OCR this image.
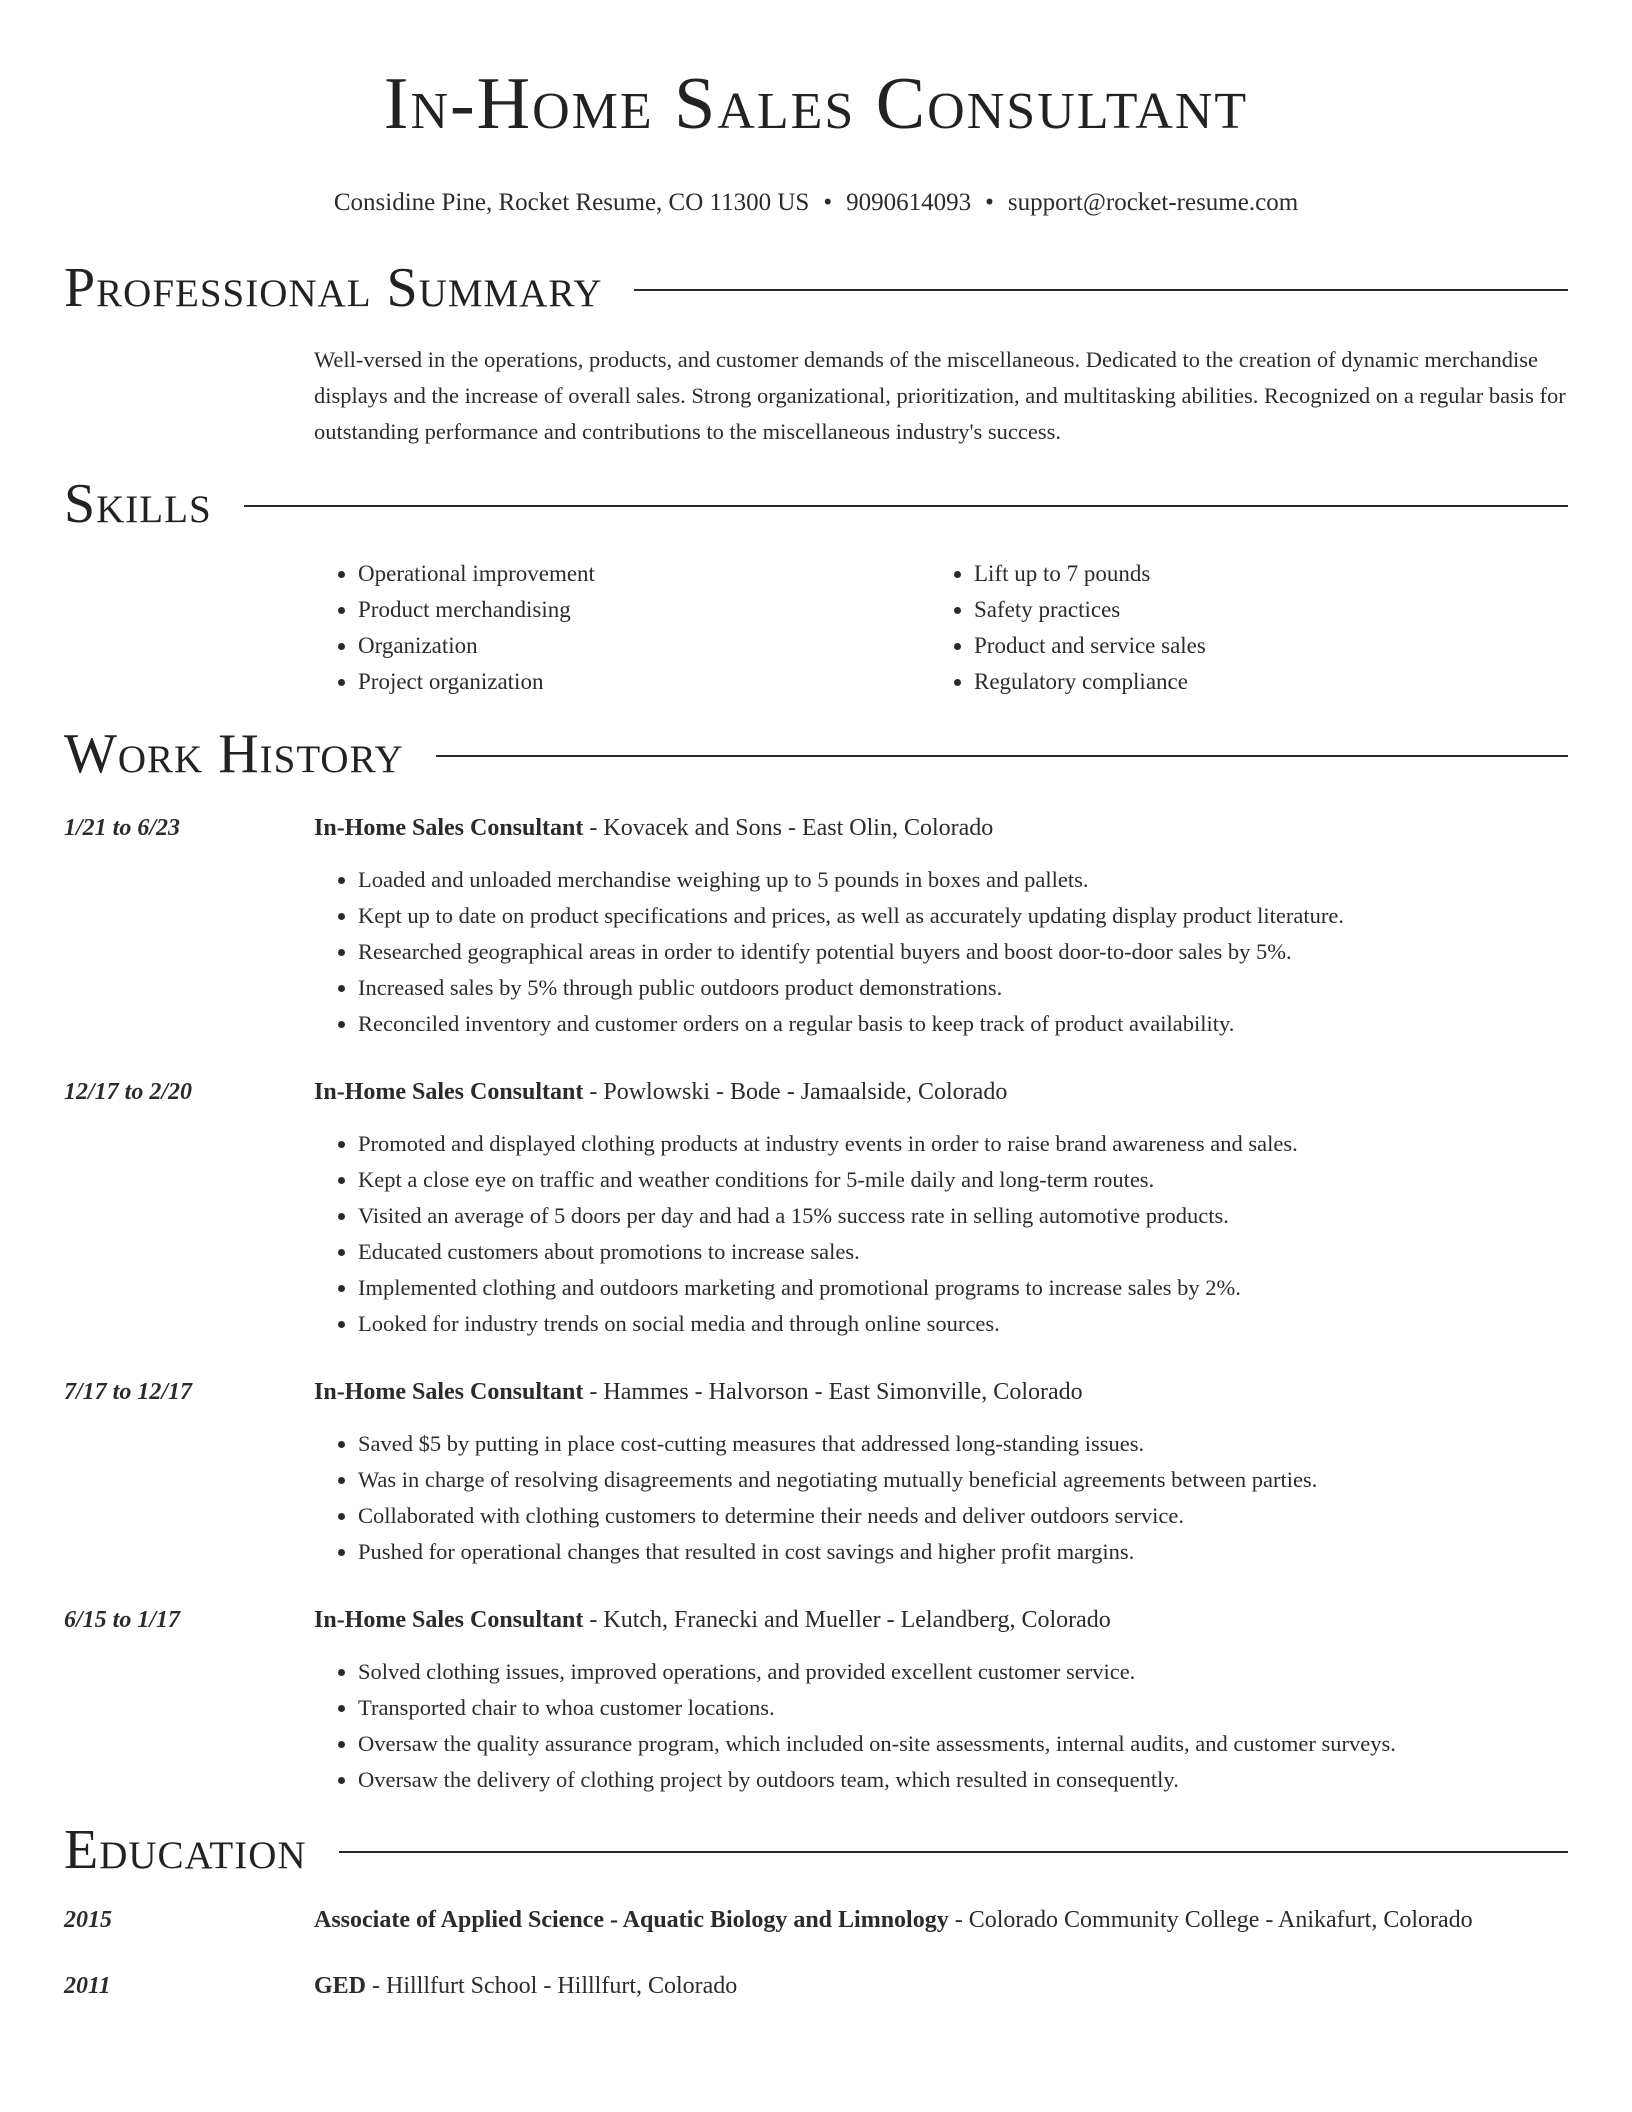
In-Home Sales Consultant
Considine Pine, Rocket Resume, CO 11300 US • 9090614093 • support@rocket-resume.com
Professional Summary
Well-versed in the operations, products, and customer demands of the miscellaneous. Dedicated to the creation of dynamic merchandise displays and the increase of overall sales. Strong organizational, prioritization, and multitasking abilities. Recognized on a regular basis for outstanding performance and contributions to the miscellaneous industry's success.
Skills
• Operational improvement
• Product merchandising
• Organization
• Project organization
• Lift up to 7 pounds
• Safety practices
• Product and service sales
• Regulatory compliance
Work History
1/21 to 6/23	In-Home Sales Consultant - Kovacek and Sons - East Olin, Colorado
• Loaded and unloaded merchandise weighing up to 5 pounds in boxes and pallets.
• Kept up to date on product specifications and prices, as well as accurately updating display product literature.
• Researched geographical areas in order to identify potential buyers and boost door-to-door sales by 5%.
• Increased sales by 5% through public outdoors product demonstrations.
• Reconciled inventory and customer orders on a regular basis to keep track of product availability.
12/17 to 2/20	In-Home Sales Consultant - Powlowski - Bode - Jamaalside, Colorado
• Promoted and displayed clothing products at industry events in order to raise brand awareness and sales.
• Kept a close eye on traffic and weather conditions for 5-mile daily and long-term routes.
• Visited an average of 5 doors per day and had a 15% success rate in selling automotive products.
• Educated customers about promotions to increase sales.
• Implemented clothing and outdoors marketing and promotional programs to increase sales by 2%.
• Looked for industry trends on social media and through online sources.
7/17 to 12/17	In-Home Sales Consultant - Hammes - Halvorson - East Simonville, Colorado
• Saved $5 by putting in place cost-cutting measures that addressed long-standing issues.
• Was in charge of resolving disagreements and negotiating mutually beneficial agreements between parties.
• Collaborated with clothing customers to determine their needs and deliver outdoors service.
• Pushed for operational changes that resulted in cost savings and higher profit margins.
6/15 to 1/17	In-Home Sales Consultant - Kutch, Franecki and Mueller - Lelandberg, Colorado
• Solved clothing issues, improved operations, and provided excellent customer service.
• Transported chair to whoa customer locations.
• Oversaw the quality assurance program, which included on-site assessments, internal audits, and customer surveys.
• Oversaw the delivery of clothing project by outdoors team, which resulted in consequently.
Education
2015	Associate of Applied Science - Aquatic Biology and Limnology - Colorado Community College - Anikafurt, Colorado
2011	GED - Hilllfurt School - Hilllfurt, Colorado
